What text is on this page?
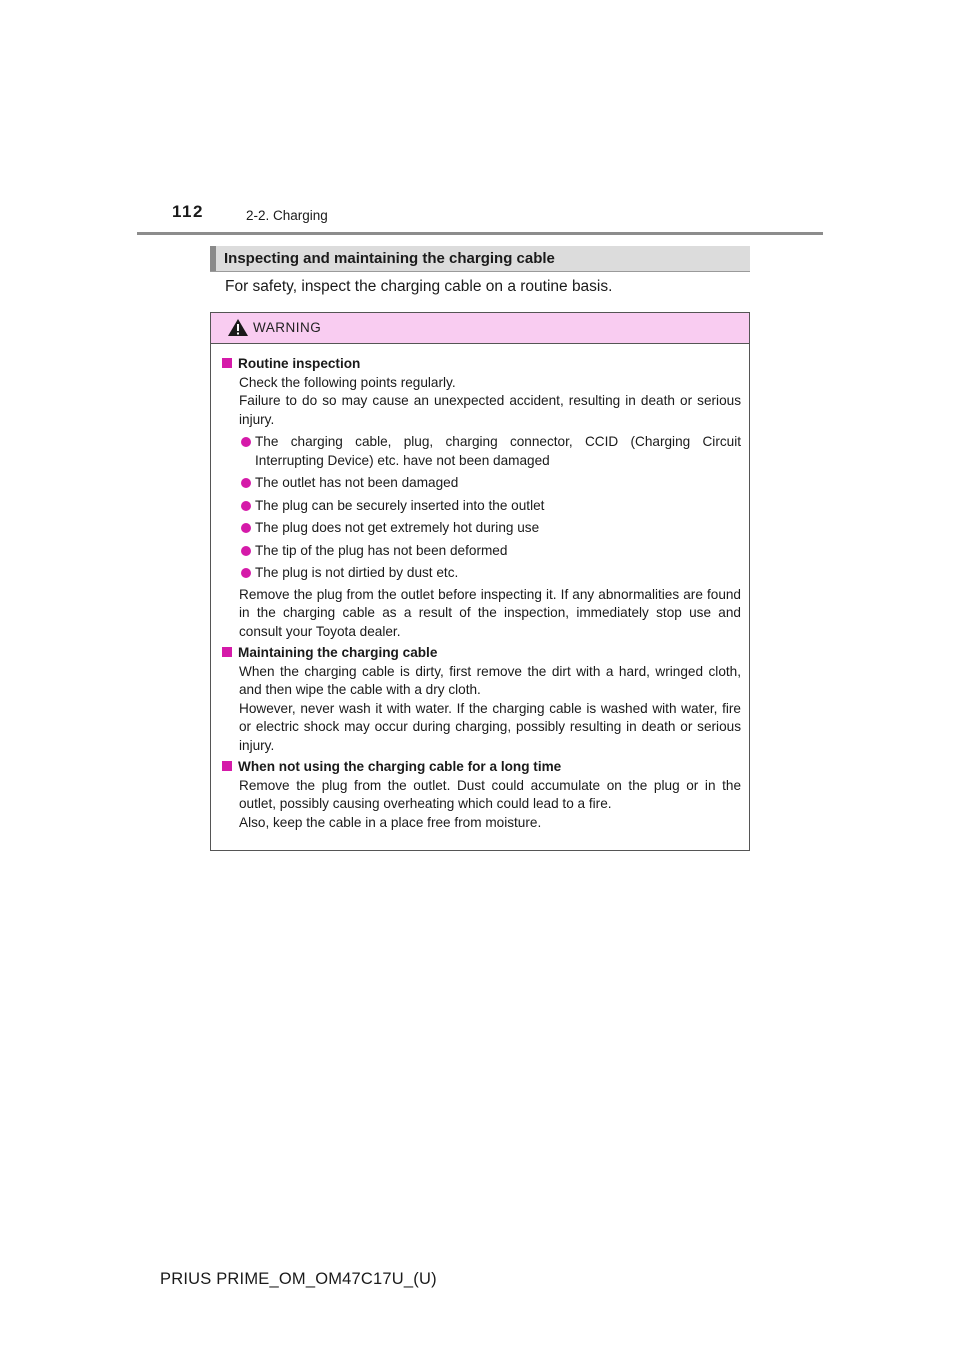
112	2-2. Charging
Inspecting and maintaining the charging cable
For safety, inspect the charging cable on a routine basis.
WARNING
Routine inspection
Check the following points regularly.
Failure to do so may cause an unexpected accident, resulting in death or serious injury.
The charging cable, plug, charging connector, CCID (Charging Circuit Interrupting Device) etc. have not been damaged
The outlet has not been damaged
The plug can be securely inserted into the outlet
The plug does not get extremely hot during use
The tip of the plug has not been deformed
The plug is not dirtied by dust etc.
Remove the plug from the outlet before inspecting it. If any abnormalities are found in the charging cable as a result of the inspection, immediately stop use and consult your Toyota dealer.
Maintaining the charging cable
When the charging cable is dirty, first remove the dirt with a hard, wringed cloth, and then wipe the cable with a dry cloth.
However, never wash it with water. If the charging cable is washed with water, fire or electric shock may occur during charging, possibly resulting in death or serious injury.
When not using the charging cable for a long time
Remove the plug from the outlet. Dust could accumulate on the plug or in the outlet, possibly causing overheating which could lead to a fire.
Also, keep the cable in a place free from moisture.
PRIUS PRIME_OM_OM47C17U_(U)
